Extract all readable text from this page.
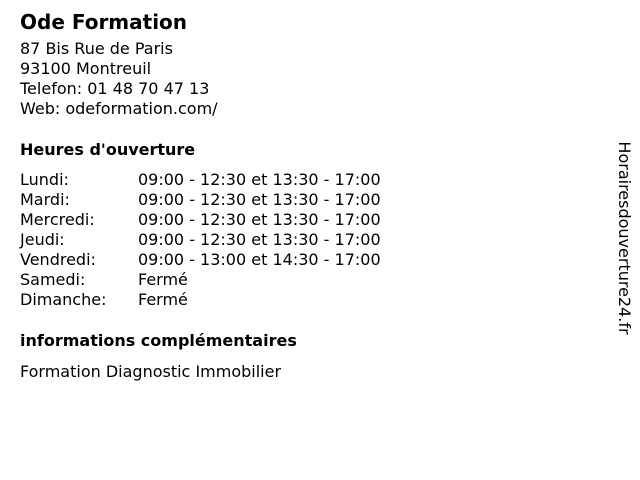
Ode Formation
87 Bis Rue de Paris
93100 Montreuil
Telefon: 01 48 70 47 13
Web: odeformation.com/
Heures d'ouverture
Lundi:	09:00 - 12:30 et 13:30 - 17:00
Mardi:	09:00 - 12:30 et 13:30 - 17:00
Mercredi:	09:00 - 12:30 et 13:30 - 17:00
Jeudi:	09:00 - 12:30 et 13:30 - 17:00
Vendredi:	09:00 - 13:00 et 14:30 - 17:00
Samedi:	Fermé
Dimanche:	Fermé
informations complémentaires
Formation Diagnostic Immobilier
Horairesdouverture24.fr
